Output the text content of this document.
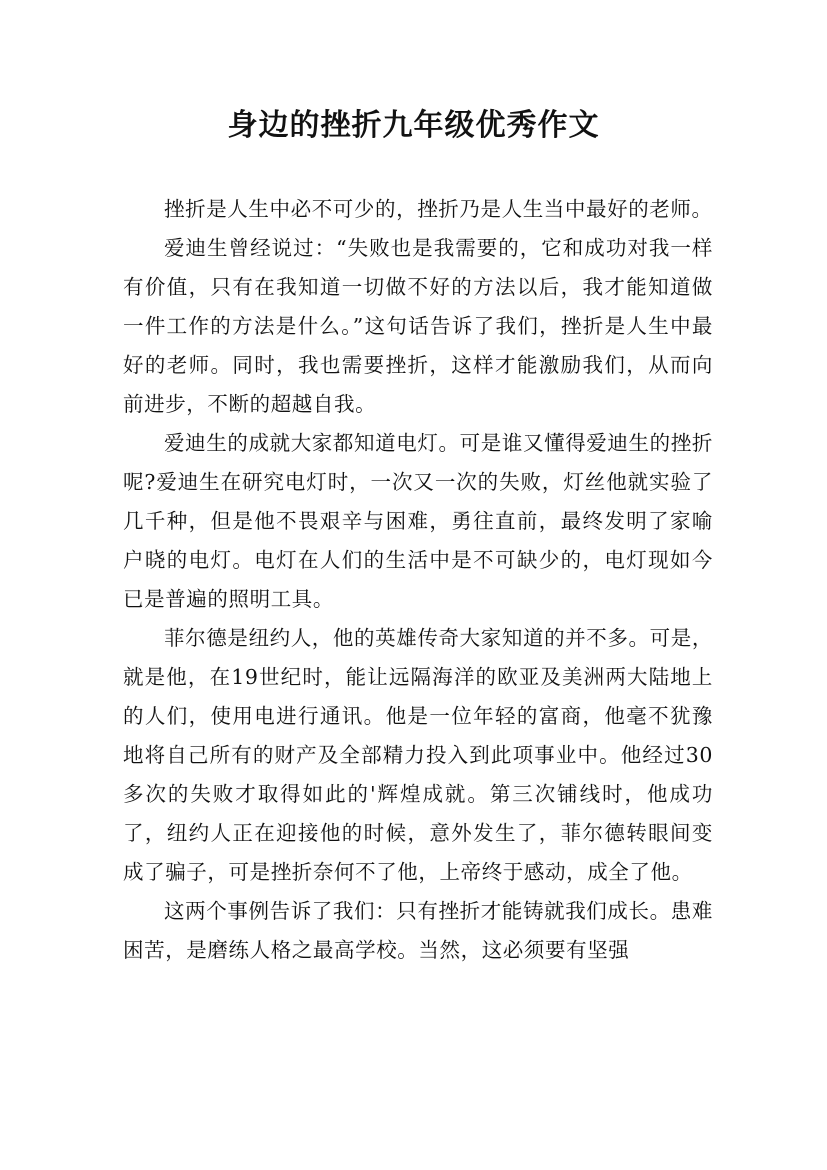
身边的挫折九年级优秀作文

挫折是人生中必不可少的，挫折乃是人生当中最好的老师。

爱迪生曾经说过：“失败也是我需要的，它和成功对我一样有价值，只有在我知道一切做不好的方法以后，我才能知道做一件工作的方法是什么。”这句话告诉了我们，挫折是人生中最好的老师。同时，我也需要挫折，这样才能激励我们，从而向前进步，不断的超越自我。

爱迪生的成就大家都知道电灯。可是谁又懂得爱迪生的挫折呢?爱迪生在研究电灯时，一次又一次的失败，灯丝他就实验了几千种，但是他不畏艰辛与困难，勇往直前，最终发明了家喻户晓的电灯。电灯在人们的生活中是不可缺少的，电灯现如今已是普遍的照明工具。

菲尔德是纽约人，他的英雄传奇大家知道的并不多。可是，就是他，在19世纪时，能让远隔海洋的欧亚及美洲两大陆地上的人们，使用电进行通讯。他是一位年轻的富商，他毫不犹豫地将自己所有的财产及全部精力投入到此项事业中。他经过30多次的失败才取得如此的'辉煌成就。第三次铺线时，他成功了，纽约人正在迎接他的时候，意外发生了，菲尔德转眼间变成了骗子，可是挫折奈何不了他，上帝终于感动，成全了他。

这两个事例告诉了我们：只有挫折才能铸就我们成长。患难困苦，是磨练人格之最高学校。当然，这必须要有坚强
